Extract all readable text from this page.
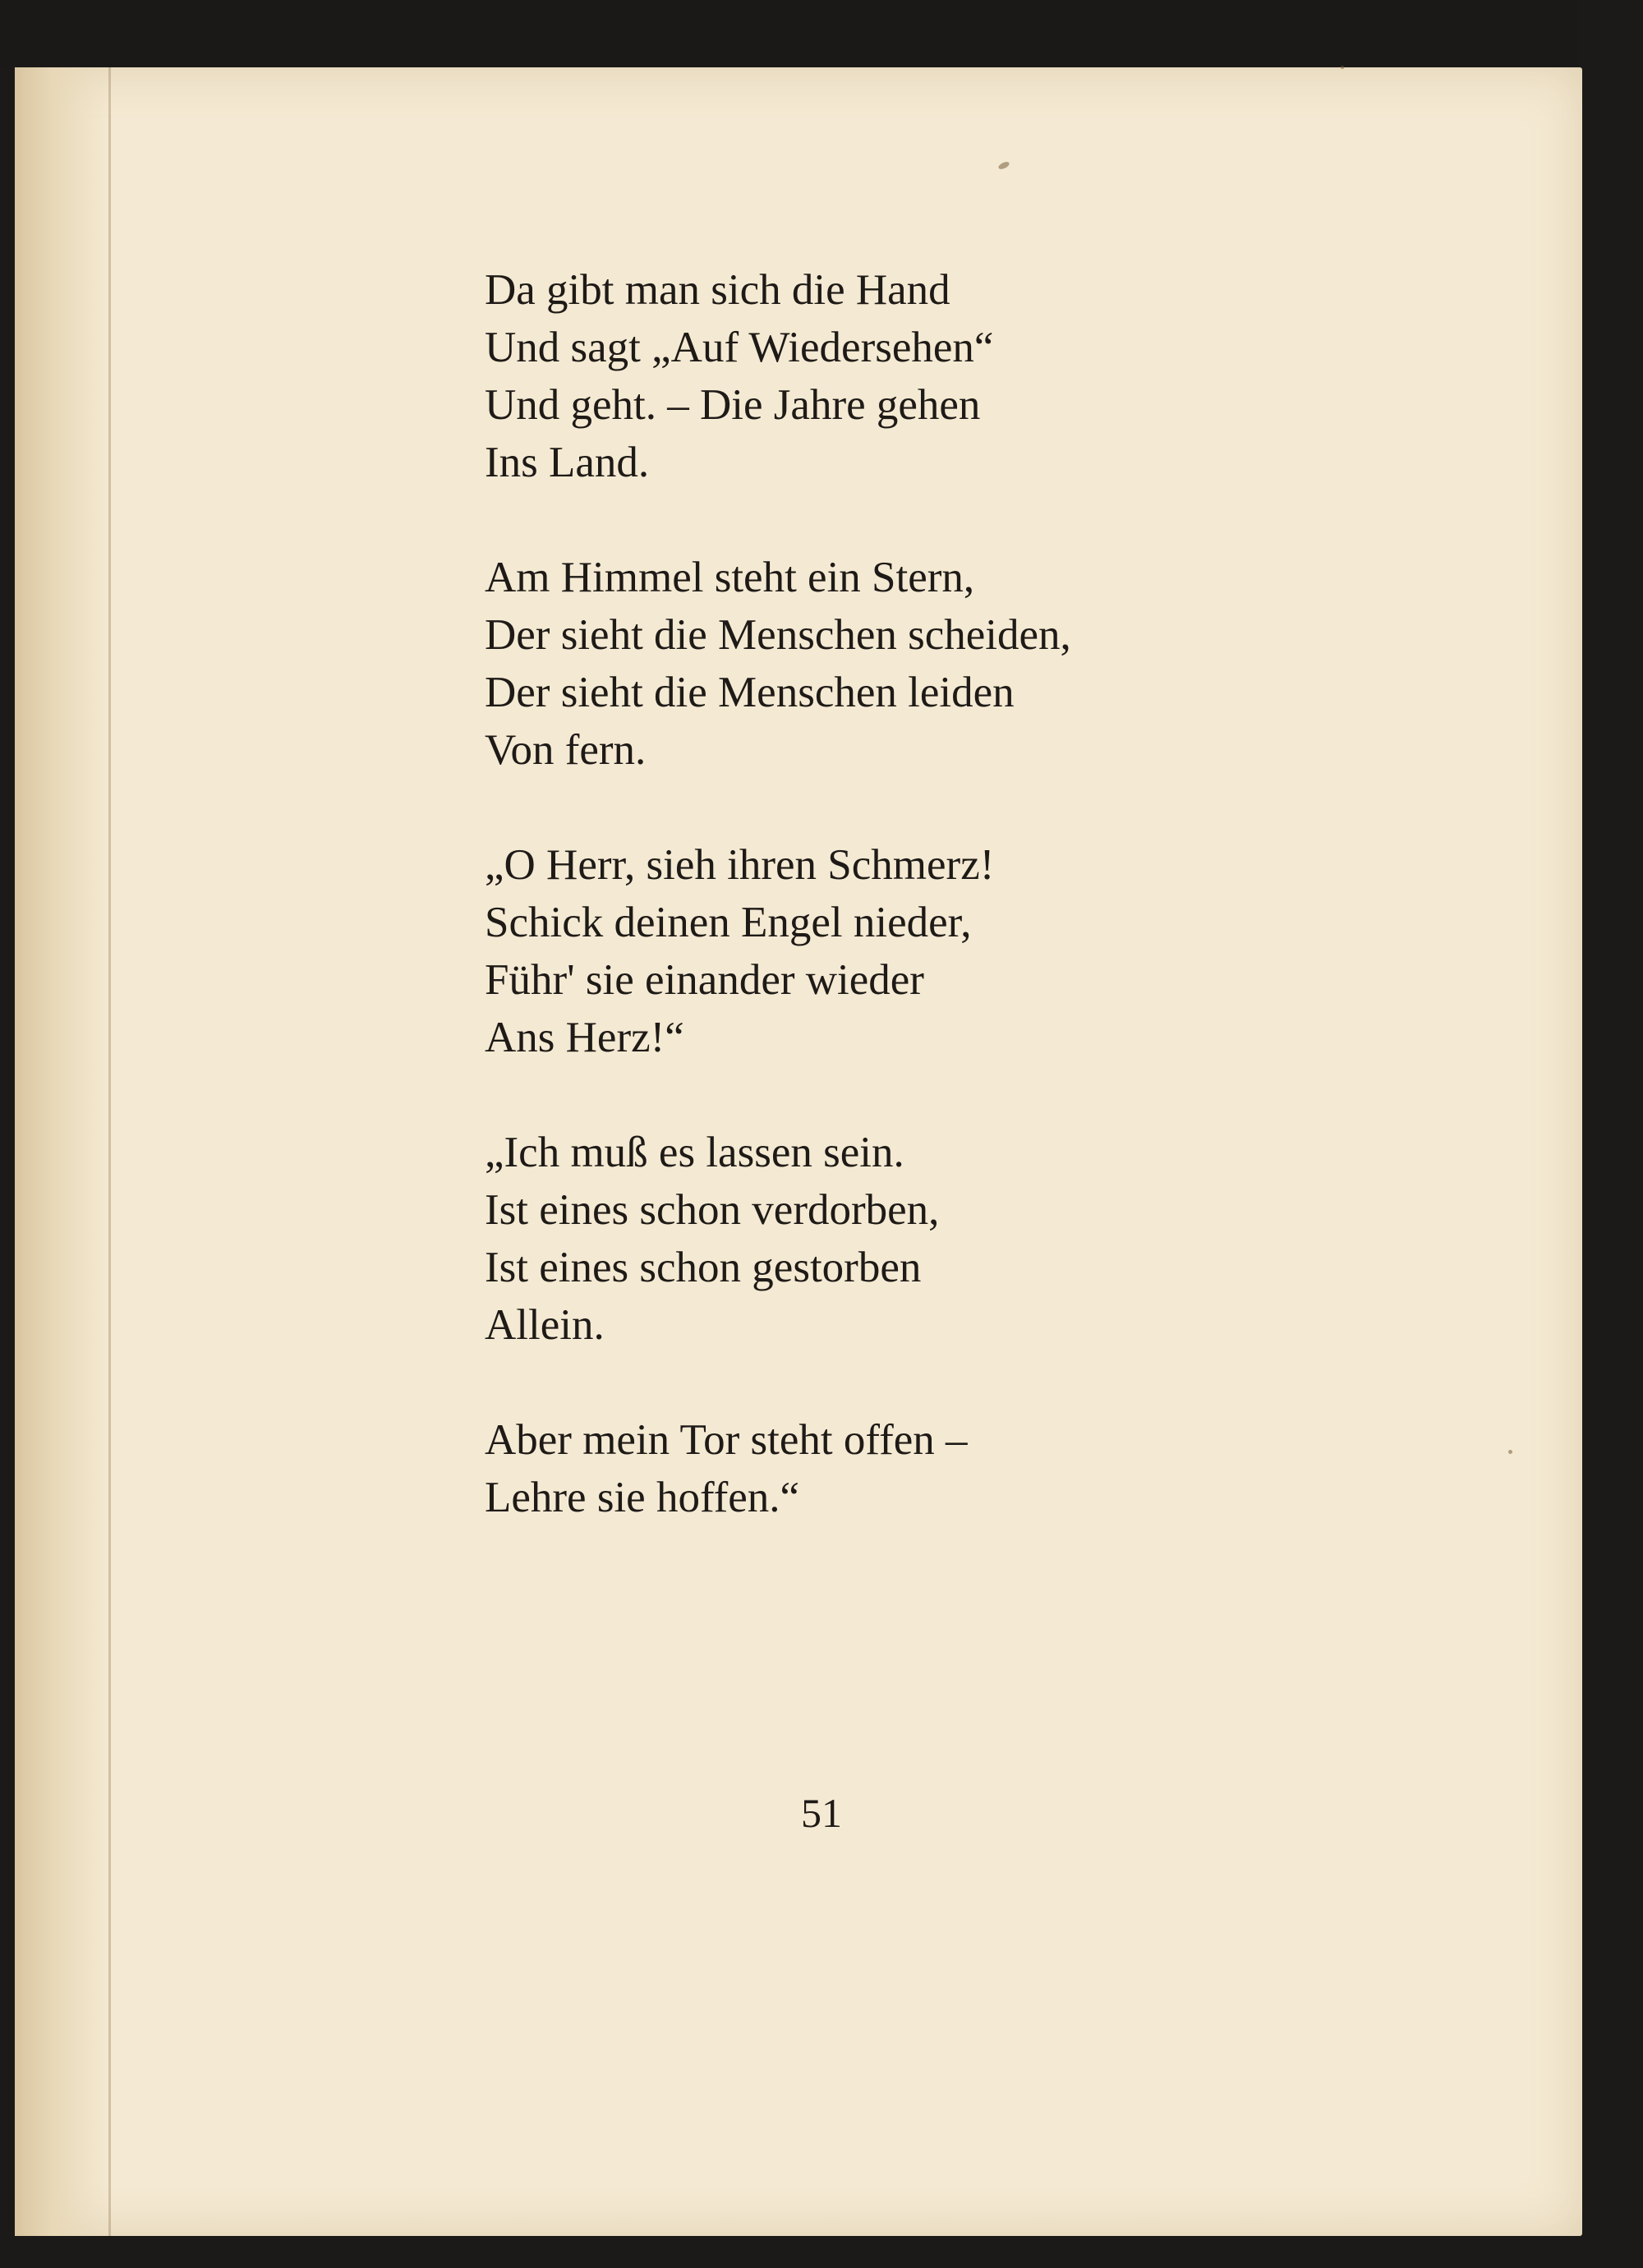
Da gibt man sich die Hand
Und sagt „Auf Wiedersehen“
Und geht. – Die Jahre gehen
Ins Land.
Am Himmel steht ein Stern,
Der sieht die Menschen scheiden,
Der sieht die Menschen leiden
Von fern.
„O Herr, sieh ihren Schmerz!
Schick deinen Engel nieder,
Führ' sie einander wieder
Ans Herz!“
„Ich muß es lassen sein.
Ist eines schon verdorben,
Ist eines schon gestorben
Allein.
Aber mein Tor steht offen –
Lehre sie hoffen.“
51
